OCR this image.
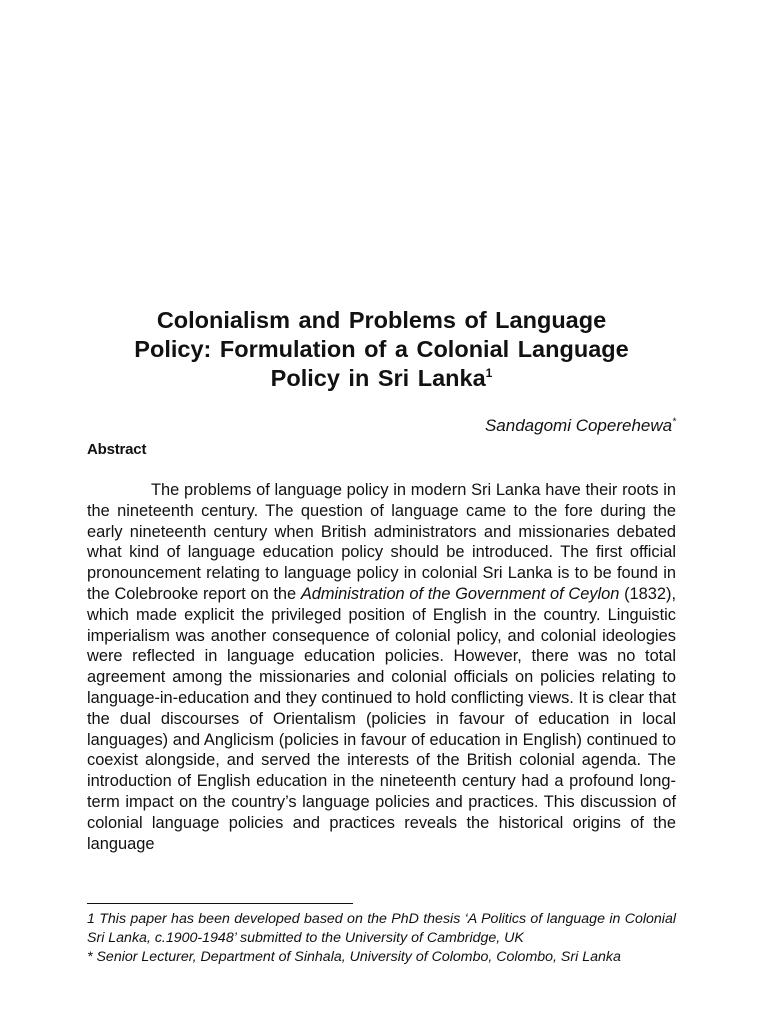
Colonialism and Problems of Language
Policy: Formulation of a Colonial Language
Policy in Sri Lanka$^1$
Sandagomi Coperehewa*
Abstract

The problems of language policy in modern Sri Lanka have their roots in the nineteenth century. The question of language came to the fore during the early nineteenth century when British administrators and missionaries debated what kind of language education policy should be introduced. The first official pronouncement relating to language policy in colonial Sri Lanka is to be found in the Colebrooke report on the Administration of the Government of Ceylon (1832), which made explicit the privileged position of English in the country. Linguistic imperialism was another consequence of colonial policy, and colonial ideologies were reflected in language education policies. However, there was no total agreement among the missionaries and colonial officials on policies relating to language-in-education and they continued to hold conflicting views. It is clear that the dual discourses of Orientalism (policies in favour of education in local languages) and Anglicism (policies in favour of education in English) continued to coexist alongside, and served the interests of the British colonial agenda. The introduction of English education in the nineteenth century had a profound long-term impact on the country’s language policies and practices. This discussion of colonial language policies and practices reveals the historical origins of the language

1 This paper has been developed based on the PhD thesis ‘A Politics of language in Colonial Sri Lanka, c.1900-1948’ submitted to the University of Cambridge, UK

* Senior Lecturer, Department of Sinhala, University of Colombo, Colombo, Sri Lanka
